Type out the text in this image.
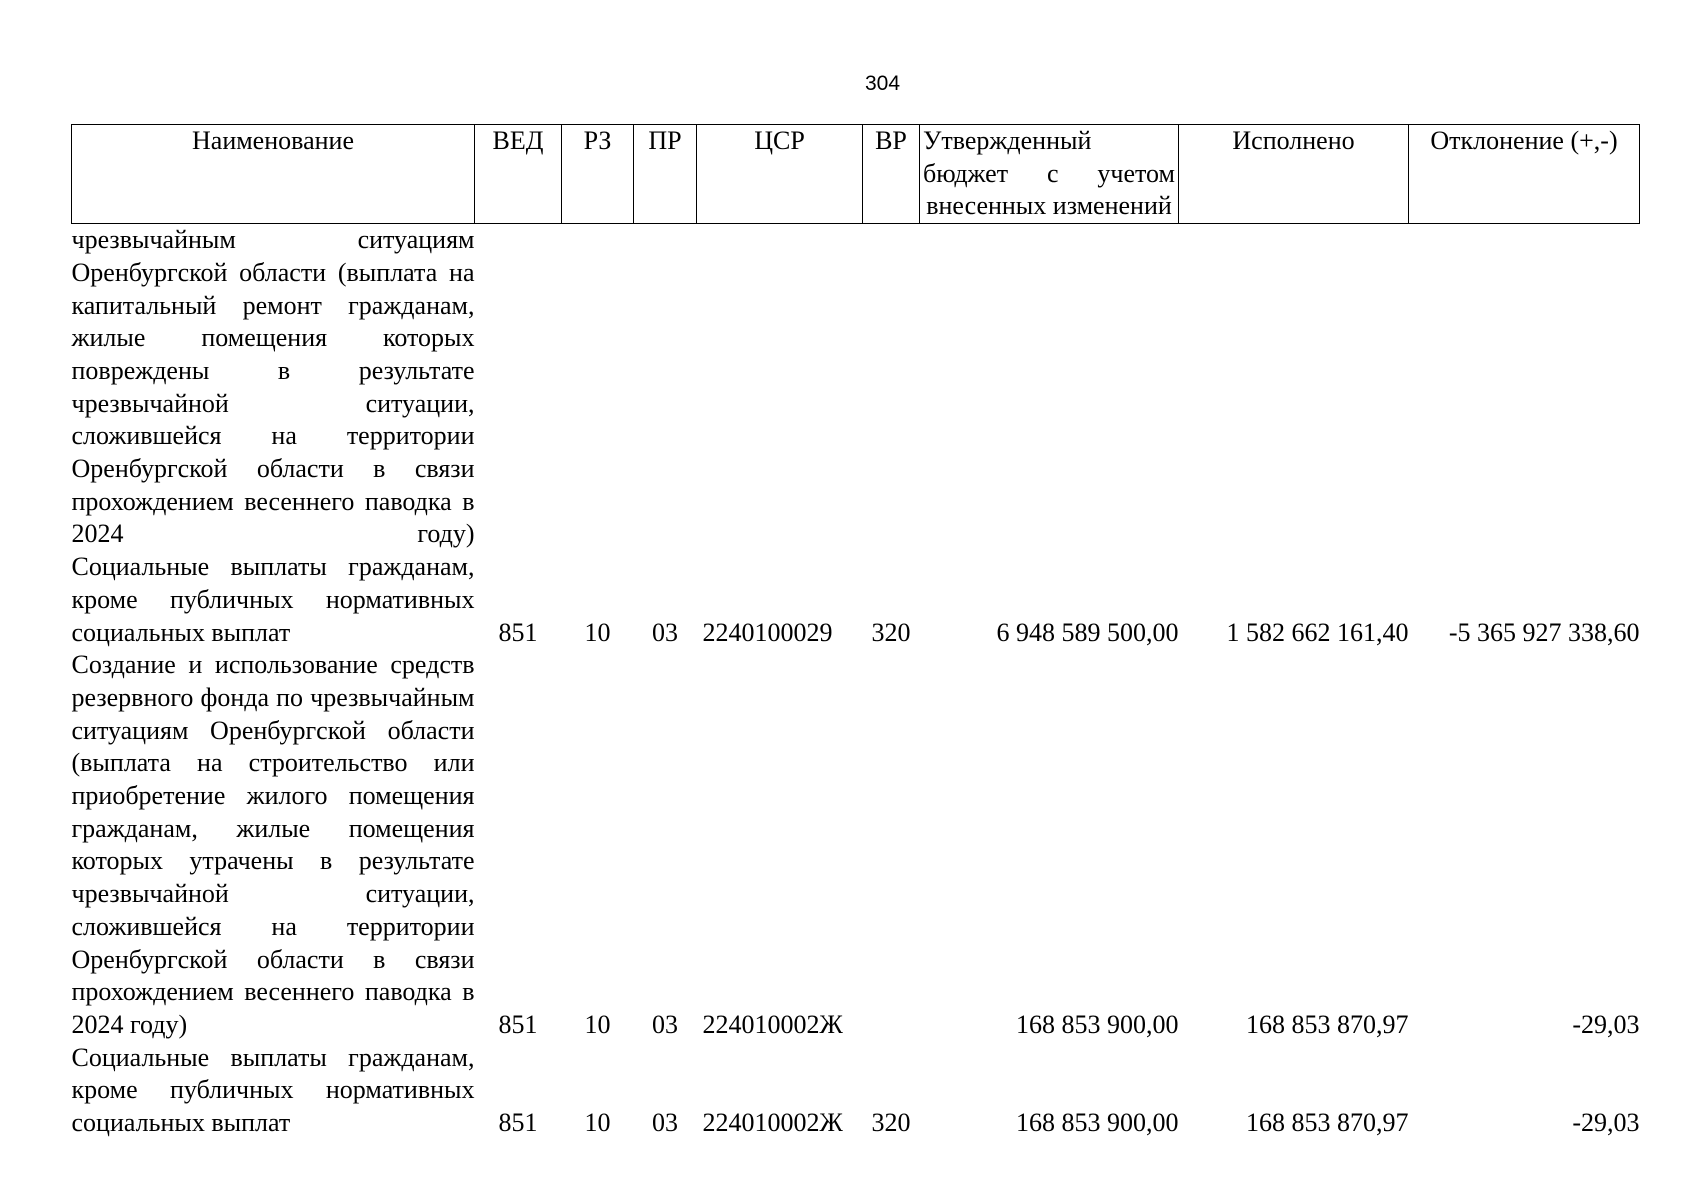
304
Наименование	ВЕД	РЗ	ПР	ЦСР	ВР	Утвержденный бюджет с учетом внесенных изменений	Исполнено	Отклонение (+,-)
чрезвычайным ситуациям Оренбургской области (выплата на капитальный ремонт гражданам, жилые помещения которых повреждены в результате чрезвычайной ситуации, сложившейся на территории Оренбургской области в связи прохождением весеннего паводка в 2024 году)								
Социальные выплаты гражданам, кроме публичных нормативных социальных выплат	851	10	03	2240100029	320	6 948 589 500,00	1 582 662 161,40	-5 365 927 338,60
Создание и использование средств резервного фонда по чрезвычайным ситуациям Оренбургской области (выплата на строительство или приобретение жилого помещения гражданам, жилые помещения которых утрачены в результате чрезвычайной ситуации, сложившейся на территории Оренбургской области в связи прохождением весеннего паводка в 2024 году)	851	10	03	224010002Ж		168 853 900,00	168 853 870,97	-29,03
Социальные выплаты гражданам, кроме публичных нормативных социальных выплат	851	10	03	224010002Ж	320	168 853 900,00	168 853 870,97	-29,03
